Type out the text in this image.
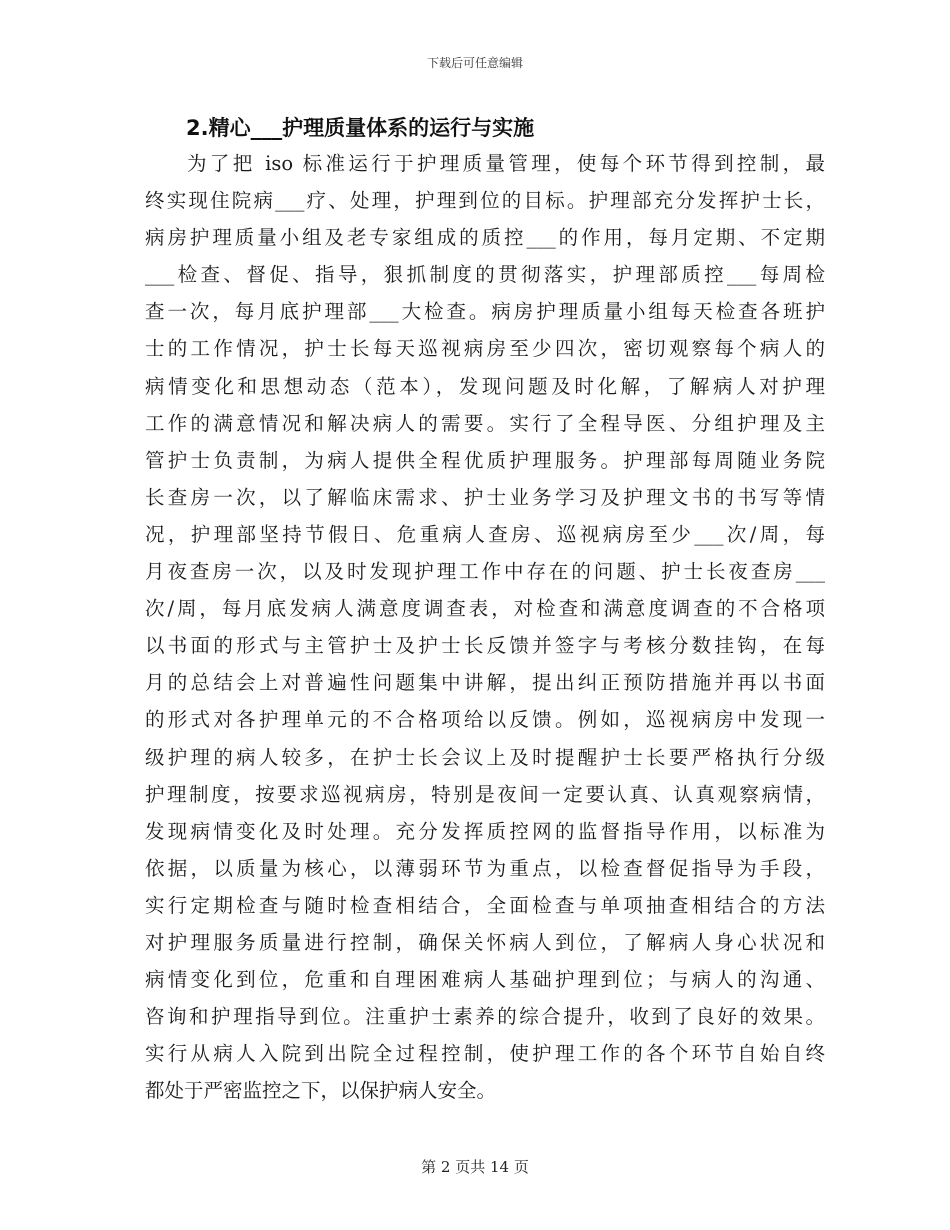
下载后可任意编辑
2.精心___护理质量体系的运行与实施
为了把 iso 标准运行于护理质量管理，使每个环节得到控制，最
终实现住院病___疗、处理，护理到位的目标。护理部充分发挥护士长，
病房护理质量小组及老专家组成的质控___的作用，每月定期、不定期
___检查、督促、指导，狠抓制度的贯彻落实，护理部质控___每周检
查一次，每月底护理部___大检查。病房护理质量小组每天检查各班护
士的工作情况，护士长每天巡视病房至少四次，密切观察每个病人的
病情变化和思想动态（范本），发现问题及时化解，了解病人对护理
工作的满意情况和解决病人的需要。实行了全程导医、分组护理及主
管护士负责制，为病人提供全程优质护理服务。护理部每周随业务院
长查房一次，以了解临床需求、护士业务学习及护理文书的书写等情
况，护理部坚持节假日、危重病人查房、巡视病房至少___次/周，每
月夜查房一次，以及时发现护理工作中存在的问题、护士长夜查房___
次/周，每月底发病人满意度调查表，对检查和满意度调查的不合格项
以书面的形式与主管护士及护士长反馈并签字与考核分数挂钩，在每
月的总结会上对普遍性问题集中讲解，提出纠正预防措施并再以书面
的形式对各护理单元的不合格项给以反馈。例如，巡视病房中发现一
级护理的病人较多，在护士长会议上及时提醒护士长要严格执行分级
护理制度，按要求巡视病房，特别是夜间一定要认真、认真观察病情，
发现病情变化及时处理。充分发挥质控网的监督指导作用，以标准为
依据，以质量为核心，以薄弱环节为重点，以检查督促指导为手段，
实行定期检查与随时检查相结合，全面检查与单项抽查相结合的方法
对护理服务质量进行控制，确保关怀病人到位，了解病人身心状况和
病情变化到位，危重和自理困难病人基础护理到位；与病人的沟通、
咨询和护理指导到位。注重护士素养的综合提升，收到了良好的效果。
实行从病人入院到出院全过程控制，使护理工作的各个环节自始自终
都处于严密监控之下，以保护病人安全。
第 2 页共 14 页
